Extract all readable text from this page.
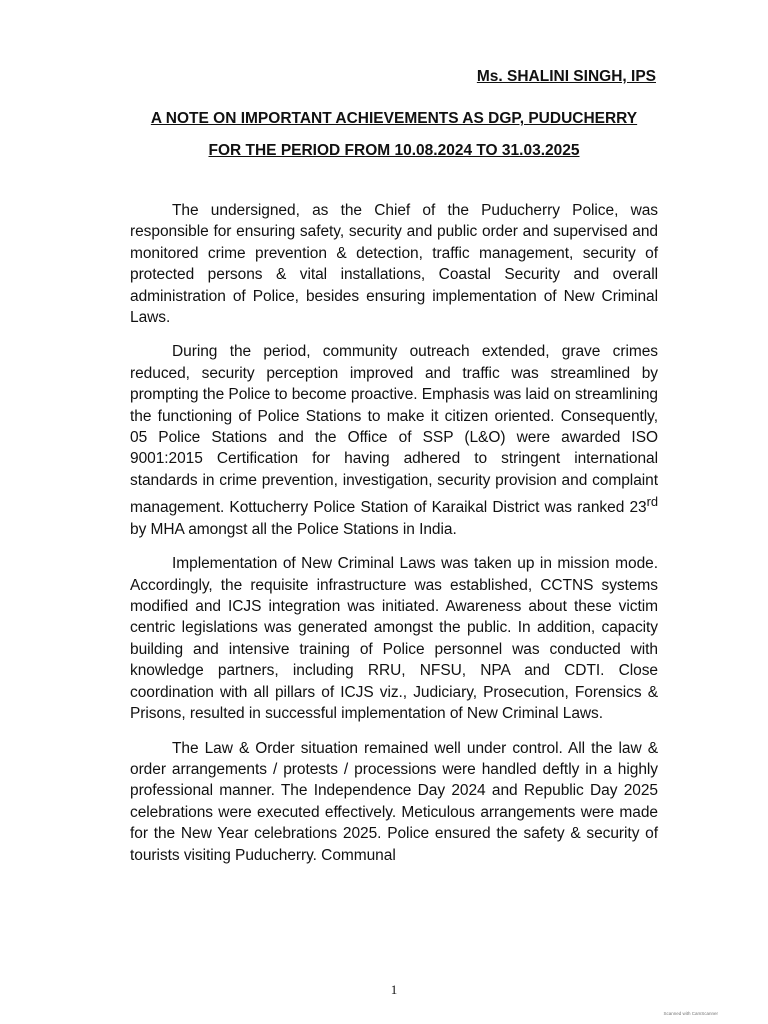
Ms. SHALINI SINGH, IPS
A NOTE ON IMPORTANT ACHIEVEMENTS AS DGP, PUDUCHERRY
FOR THE PERIOD FROM 10.08.2024 TO 31.03.2025

The undersigned, as the Chief of the Puducherry Police, was responsible for ensuring safety, security and public order and supervised and monitored crime prevention & detection, traffic management, security of protected persons & vital installations, Coastal Security and overall administration of Police, besides ensuring implementation of New Criminal Laws.

During the period, community outreach extended, grave crimes reduced, security perception improved and traffic was streamlined by prompting the Police to become proactive. Emphasis was laid on streamlining the functioning of Police Stations to make it citizen oriented. Consequently, 05 Police Stations and the Office of SSP (L&O) were awarded ISO 9001:2015 Certification for having adhered to stringent international standards in crime prevention, investigation, security provision and complaint management. Kottucherry Police Station of Karaikal District was ranked 23rd by MHA amongst all the Police Stations in India.

Implementation of New Criminal Laws was taken up in mission mode. Accordingly, the requisite infrastructure was established, CCTNS systems modified and ICJS integration was initiated. Awareness about these victim centric legislations was generated amongst the public. In addition, capacity building and intensive training of Police personnel was conducted with knowledge partners, including RRU, NFSU, NPA and CDTI. Close coordination with all pillars of ICJS viz., Judiciary, Prosecution, Forensics & Prisons, resulted in successful implementation of New Criminal Laws.

The Law & Order situation remained well under control. All the law & order arrangements / protests / processions were handled deftly in a highly professional manner. The Independence Day 2024 and Republic Day 2025 celebrations were executed effectively. Meticulous arrangements were made for the New Year celebrations 2025. Police ensured the safety & security of tourists visiting Puducherry. Communal

1
Scanned with CamScanner
